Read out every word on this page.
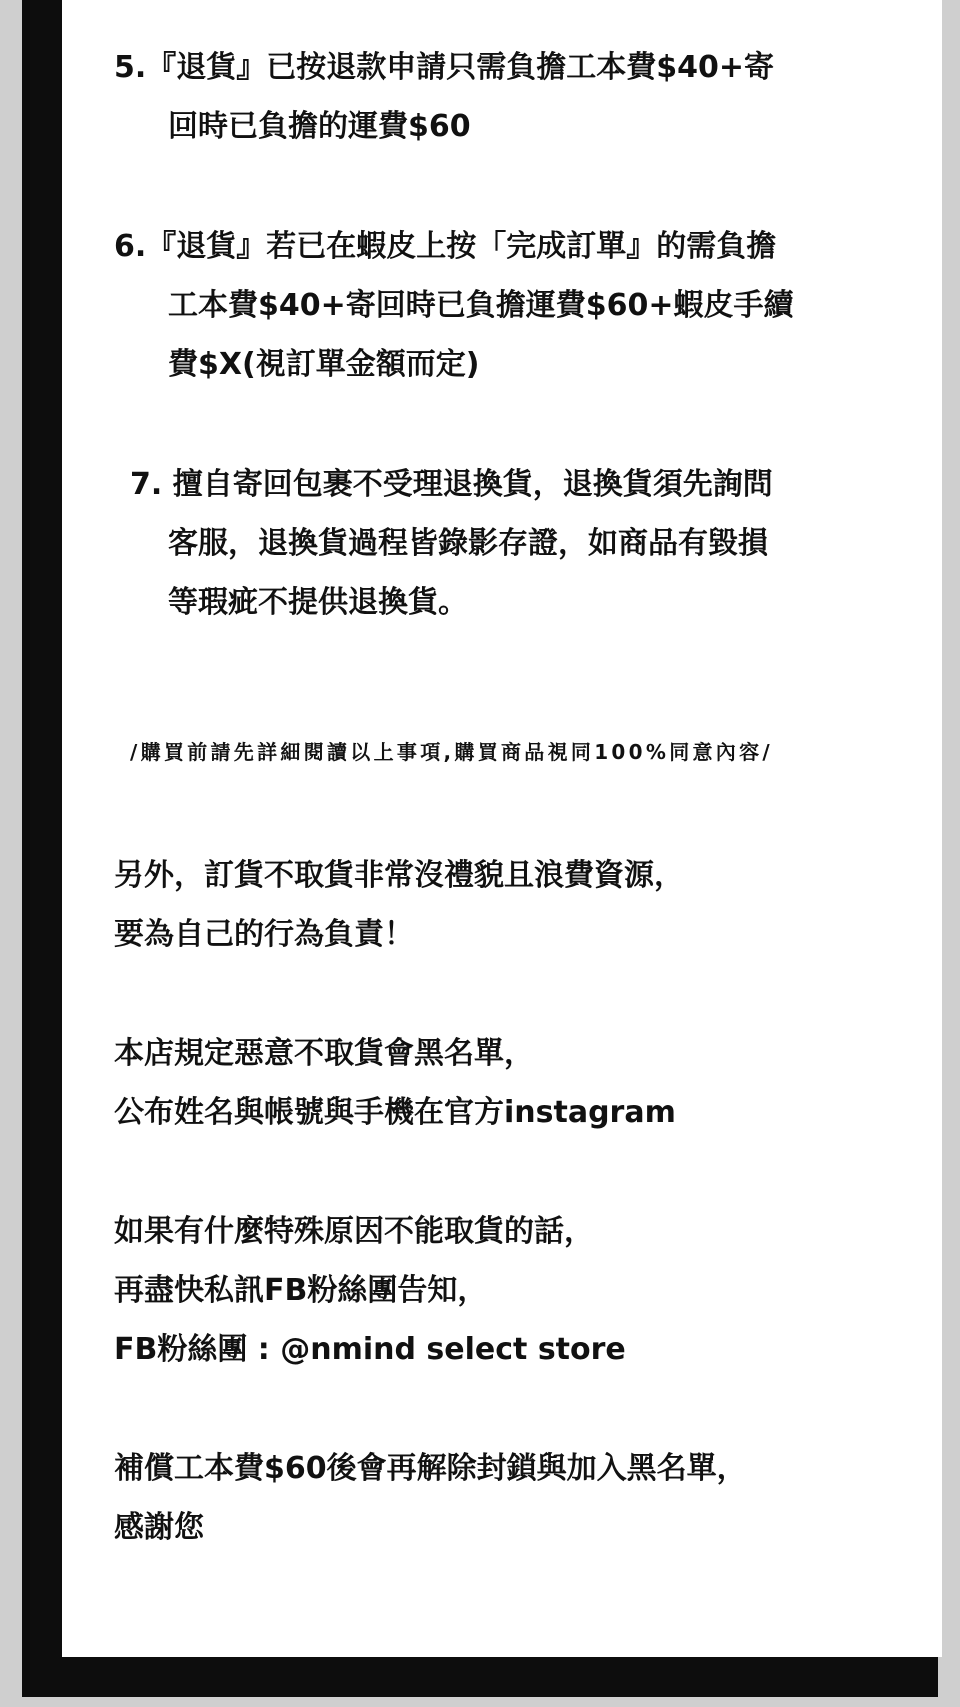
5.『退貨』已按退款申請只需負擔工本費$40+寄
回時已負擔的運費$60
6.『退貨』若已在蝦皮上按「完成訂單』的需負擔
工本費$40+寄回時已負擔運費$60+蝦皮手續
費$X(視訂單金額而定)
7. 擅自寄回包裹不受理退換貨，退換貨須先詢問
客服，退換貨過程皆錄影存證，如商品有毀損
等瑕疵不提供退換貨。
/購買前請先詳細閱讀以上事項,購買商品視同100%同意內容/
另外，訂貨不取貨非常沒禮貌且浪費資源，
要為自己的行為負責！
本店規定惡意不取貨會黑名單，
公布姓名與帳號與手機在官方instagram
如果有什麼特殊原因不能取貨的話，
再盡快私訊FB粉絲團告知，
FB粉絲團 : @nmind select store
補償工本費$60後會再解除封鎖與加入黑名單，
感謝您
